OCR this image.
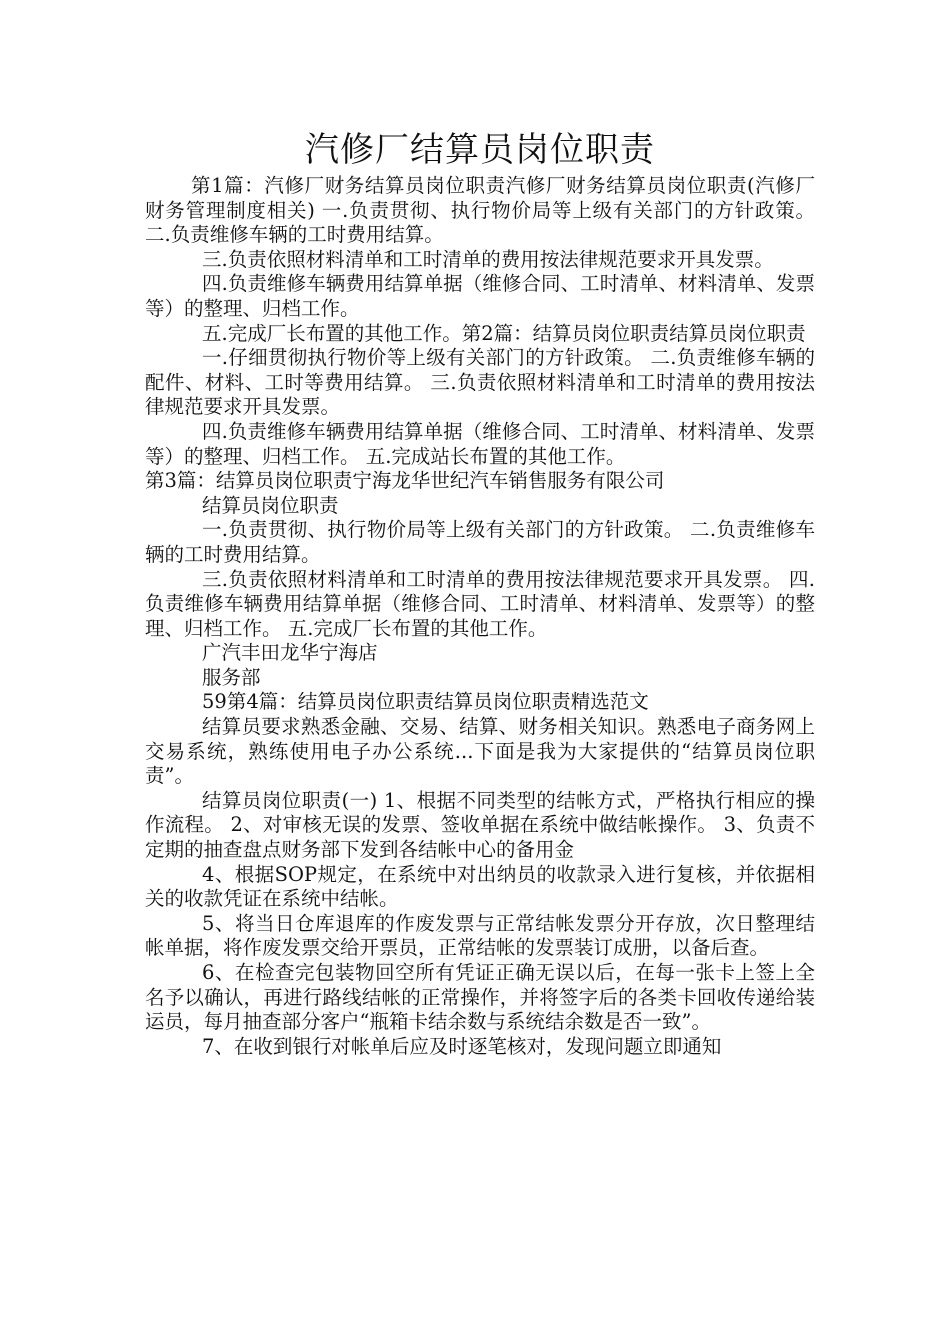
汽修厂结算员岗位职责

第1篇：汽修厂财务结算员岗位职责汽修厂财务结算员岗位职责(汽修厂财务管理制度相关) 一.负责贯彻、执行物价局等上级有关部门的方针政策。 二.负责维修车辆的工时费用结算。

三.负责依照材料清单和工时清单的费用按法律规范要求开具发票。

四.负责维修车辆费用结算单据（维修合同、工时清单、材料清单、发票等）的整理、归档工作。

五.完成厂长布置的其他工作。第2篇：结算员岗位职责结算员岗位职责

一.仔细贯彻执行物价等上级有关部门的方针政策。 二.负责维修车辆的配件、材料、工时等费用结算。 三.负责依照材料清单和工时清单的费用按法律规范要求开具发票。

四.负责维修车辆费用结算单据（维修合同、工时清单、材料清单、发票等）的整理、归档工作。 五.完成站长布置的其他工作。

第3篇：结算员岗位职责宁海龙华世纪汽车销售服务有限公司

结算员岗位职责

一.负责贯彻、执行物价局等上级有关部门的方针政策。 二.负责维修车辆的工时费用结算。

三.负责依照材料清单和工时清单的费用按法律规范要求开具发票。 四.负责维修车辆费用结算单据（维修合同、工时清单、材料清单、发票等）的整理、归档工作。 五.完成厂长布置的其他工作。

广汽丰田龙华宁海店

服务部

59第4篇：结算员岗位职责结算员岗位职责精选范文

结算员要求熟悉金融、交易、结算、财务相关知识。熟悉电子商务网上交易系统，熟练使用电子办公系统...下面是我为大家提供的“结算员岗位职责”。

结算员岗位职责(一) 1、根据不同类型的结帐方式，严格执行相应的操作流程。 2、对审核无误的发票、签收单据在系统中做结帐操作。 3、负责不定期的抽查盘点财务部下发到各结帐中心的备用金

4、根据SOP规定，在系统中对出纳员的收款录入进行复核，并依据相关的收款凭证在系统中结帐。

5、将当日仓库退库的作废发票与正常结帐发票分开存放，次日整理结帐单据，将作废发票交给开票员，正常结帐的发票装订成册，以备后查。

6、在检查完包装物回空所有凭证正确无误以后，在每一张卡上签上全名予以确认，再进行路线结帐的正常操作，并将签字后的各类卡回收传递给装运员，每月抽查部分客户“瓶箱卡结余数与系统结余数是否一致”。

7、在收到银行对帐单后应及时逐笔核对，发现问题立即通知
